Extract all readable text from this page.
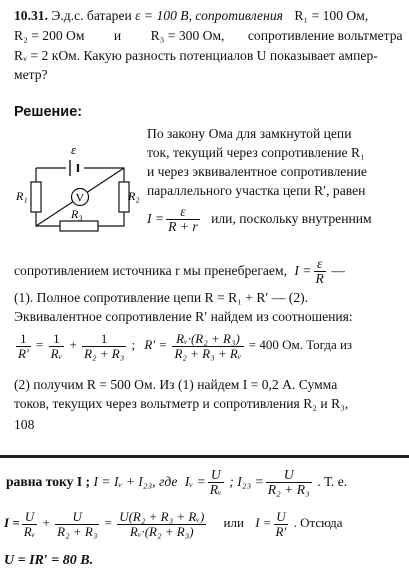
10.31. Э.д.с. батареи ε = 100 В, сопротивления R₁ = 100 Ом,
R₂ = 200 Ом и R₃ = 300 Ом, сопротивление вольтметра
Rᵥ = 2 кОм. Какую разность потенциалов U показывает ампер-
метр?
Решение:
ε
R₁	R₂
R₃
V
По закону Ома для замкнутой цепи
ток, текущий через сопротивление R₁
и через эквивалентное сопротивление
параллельного участка цепи R′, равен
$I = \frac{\varepsilon}{R + r}$ или, поскольку внутренним
сопротивлением источника r мы пренебрегаем, $I = \frac{\varepsilon}{R}$ —
(1). Полное сопротивление цепи R = R₁ + R′ — (2).
Эквивалентное сопротивление R′ найдем из соотношения:
$\frac{1}{R'} = \frac{1}{\text{Rᵥ}} + \frac{1}{\text{R₂ + R₃}}$ ; $R' = \frac{\text{Rᵥ·(R₂ + R₃)}}{\text{R₂ + R₃ + Rᵥ}} = 400$ Ом. Тогда из
(2) получим R = 500 Ом. Из (1) найдем I = 0,2 А. Сумма
токов, текущих через вольтметр и сопротивления R₂ и R₃,
108
равна току I ; I = Iᵥ + I₂₃, где Iᵥ = $\frac{U}{\text{Rᵥ}}$ ; $I_{23} = \frac{U}{\text{R₂ + R₃}}$ . Т. е.
$I = \frac{U}{\text{Rᵥ}} + \frac{U}{\text{R₂ + R₃}} = \frac{\text{U(R₂ + R₃ + Rᵥ)}}{\text{Rᵥ·(R₂ + R₃)}}$ или $I = \frac{U}{R'}$ . Отсюда
U = IR′ = 80 В.
